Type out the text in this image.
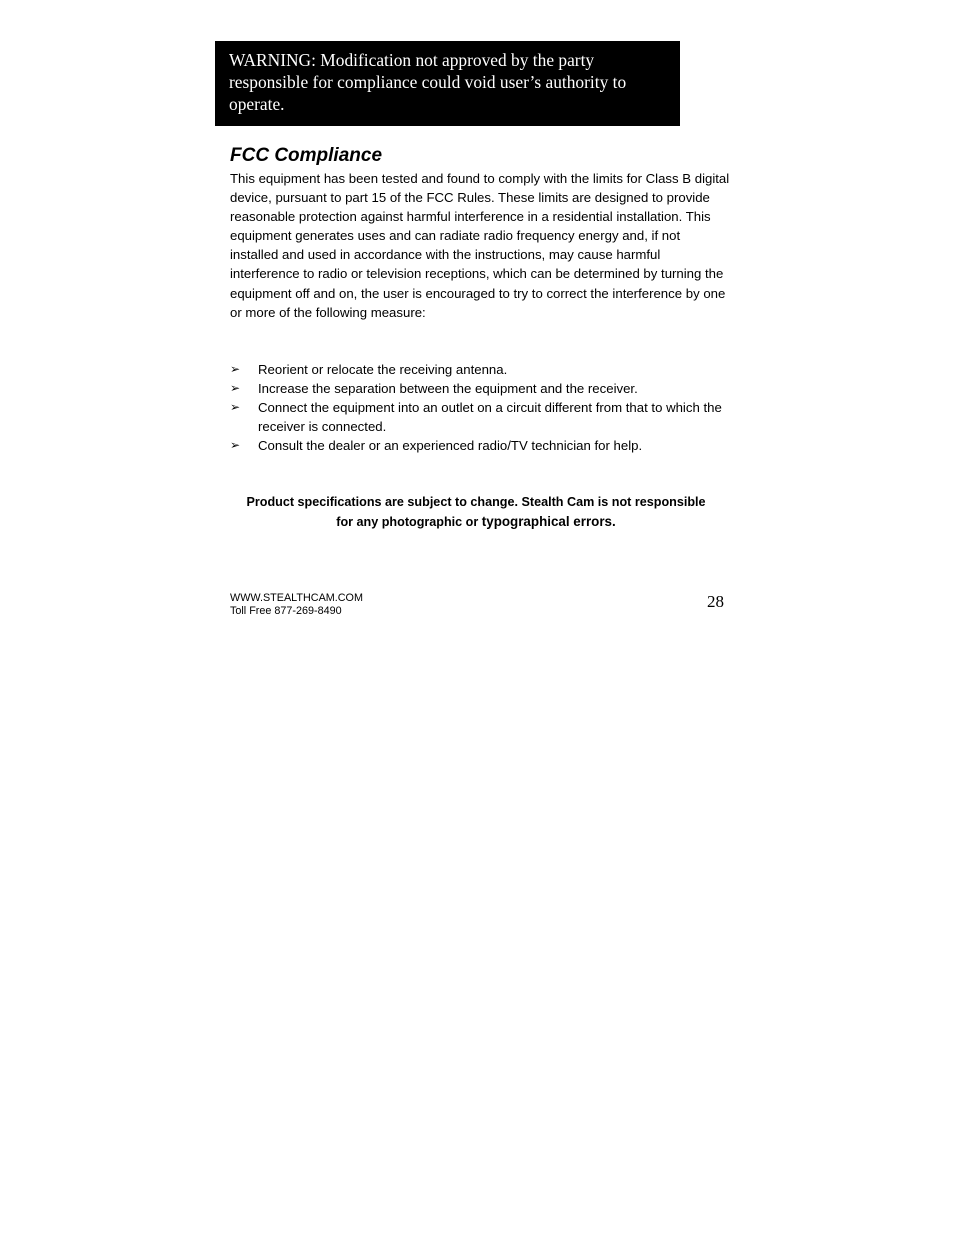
WARNING: Modification not approved by the party responsible for compliance could void user’s authority to operate.
FCC Compliance

This equipment has been tested and found to comply with the limits for Class B digital device, pursuant to part 15 of the FCC Rules. These limits are designed to provide reasonable protection against harmful interference in a residential installation. This equipment generates uses and can radiate radio frequency energy and, if not installed and used in accordance with the instructions, may cause harmful interference to radio or television receptions, which can be determined by turning the equipment off and on, the user is encouraged to try to correct the interference by one or more of the following measure:

➢ Reorient or relocate the receiving antenna.
➢ Increase the separation between the equipment and the receiver.
➢ Connect the equipment into an outlet on a circuit different from that to which the receiver is connected.
➢ Consult the dealer or an experienced radio/TV technician for help.

Product specifications are subject to change. Stealth Cam is not responsible
for any photographic or typographical errors.

WWW.STEALTHCAM.COM
Toll Free 877-269-8490	28
